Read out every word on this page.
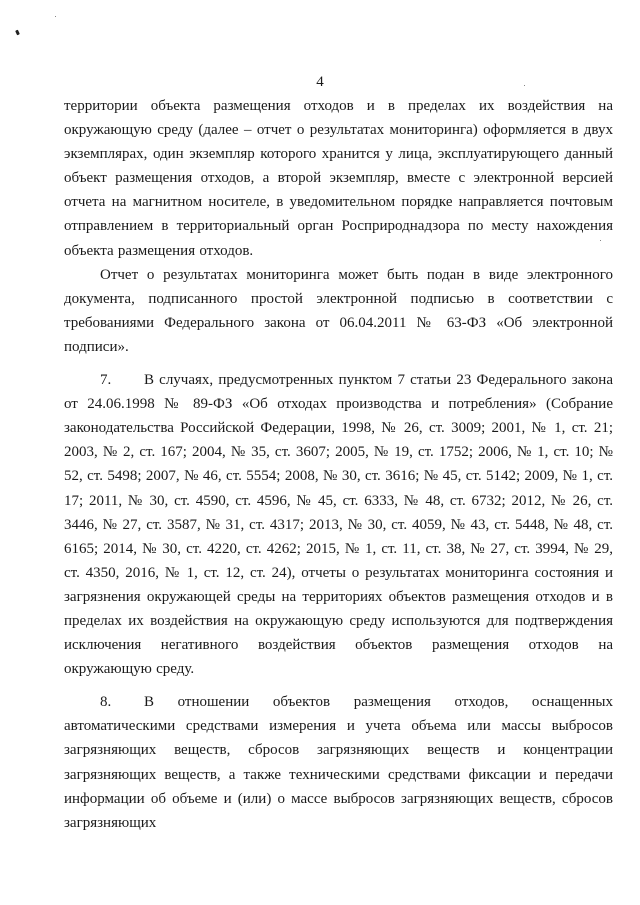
4

территории объекта размещения отходов и в пределах их воздействия на окружающую среду (далее – отчет о результатах мониторинга) оформляется в двух экземплярах, один экземпляр которого хранится у лица, эксплуатирующего данный объект размещения отходов, а второй экземпляр, вместе с электронной версией отчета на магнитном носителе, в уведомительном порядке направляется почтовым отправлением в территориальный орган Росприроднадзора по месту нахождения объекта размещения отходов.

Отчет о результатах мониторинга может быть подан в виде электронного документа, подписанного простой электронной подписью в соответствии с требованиями Федерального закона от 06.04.2011 № 63-ФЗ «Об электронной подписи».

7. В случаях, предусмотренных пунктом 7 статьи 23 Федерального закона от 24.06.1998 № 89-ФЗ «Об отходах производства и потребления» (Собрание законодательства Российской Федерации, 1998, № 26, ст. 3009; 2001, № 1, ст. 21; 2003, № 2, ст. 167; 2004, № 35, ст. 3607; 2005, № 19, ст. 1752; 2006, № 1, ст. 10; № 52, ст. 5498; 2007, № 46, ст. 5554; 2008, № 30, ст. 3616; № 45, ст. 5142; 2009, № 1, ст. 17; 2011, № 30, ст. 4590, ст. 4596, № 45, ст. 6333, № 48, ст. 6732; 2012, № 26, ст. 3446, № 27, ст. 3587, № 31, ст. 4317; 2013, № 30, ст. 4059, № 43, ст. 5448, № 48, ст. 6165; 2014, № 30, ст. 4220, ст. 4262; 2015, № 1, ст. 11, ст. 38, № 27, ст. 3994, № 29, ст. 4350, 2016, № 1, ст. 12, ст. 24), отчеты о результатах мониторинга состояния и загрязнения окружающей среды на территориях объектов размещения отходов и в пределах их воздействия на окружающую среду используются для подтверждения исключения негативного воздействия объектов размещения отходов на окружающую среду.

8. В отношении объектов размещения отходов, оснащенных автоматическими средствами измерения и учета объема или массы выбросов загрязняющих веществ, сбросов загрязняющих веществ и концентрации загрязняющих веществ, а также техническими средствами фиксации и передачи информации об объеме и (или) о массе выбросов загрязняющих веществ, сбросов загрязняющих
